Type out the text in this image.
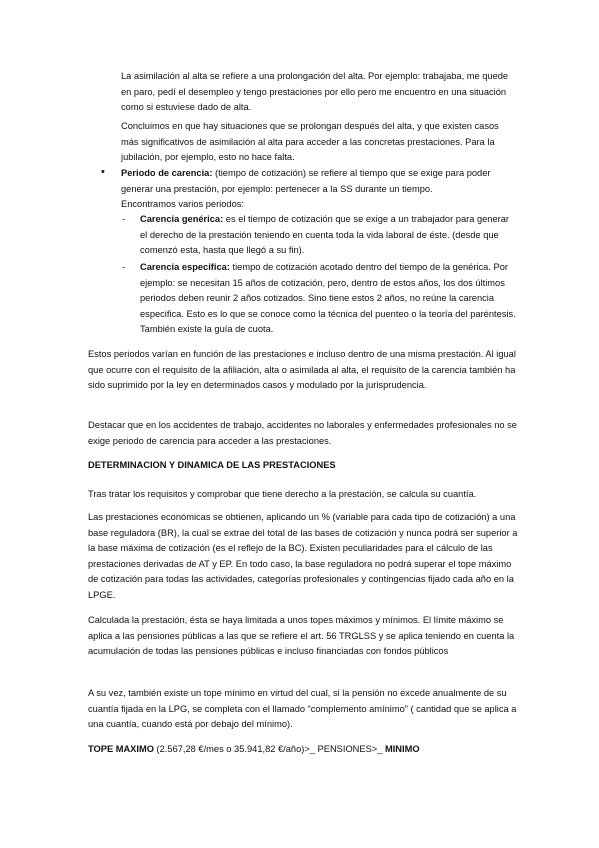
La asimilación al alta se refiere a una prolongación del alta. Por ejemplo: trabajaba, me quede en paro, pedí el desempleo y tengo prestaciones por ello pero me encuentro en una situación como si estuviese dado de alta.

Concluimos en que hay situaciones que se prolongan después del alta, y que existen casos más significativos de asimilación al alta para acceder a las concretas prestaciones. Para la jubilación, por ejemplo, esto no hace falta.

• Periodo de carencia: (tiempo de cotización) se refiere al tiempo que se exige para poder generar una prestación, por ejemplo: pertenecer a la SS durante un tiempo.

Encontramos varios periodos:

- Carencia genérica: es el tiempo de cotización que se exige a un trabajador para generar el derecho de la prestación teniendo en cuenta toda la vida laboral de éste. (desde que comenzó esta, hasta que llegó a su fin).

- Carencia especifica: tiempo de cotización acotado dentro del tiempo de la genérica. Por ejemplo: se necesitan 15 años de cotización, pero, dentro de estos años, los dos últimos periodos deben reunir 2 años cotizados. Sino tiene estos 2 años, no reúne la carencia especifica. Esto es lo que se conoce como la técnica del puenteo o la teoría del paréntesis. También existe la guía de cuota.

Estos periodos varían en función de las prestaciones e incluso dentro de una misma prestación. Al igual que ocurre con el requisito de la afiliación, alta o asimilada al alta, el requisito de la carencia también ha sido suprimido por la ley en determinados casos y modulado por la jurisprudencia.

Destacar que en los accidentes de trabajo, accidentes no laborales y enfermedades profesionales no se exige periodo de carencia para acceder a las prestaciones.

DETERMINACION Y DINAMICA DE LAS PRESTACIONES

Tras tratar los requisitos y comprobar que tiene derecho a la prestación, se calcula su cuantía.

Las prestaciones económicas se obtienen, aplicando un % (variable para cada tipo de cotización) a una base reguladora (BR), la cual se extrae del total de las bases de cotización y nunca podrá ser superior a la base máxima de cotización (es el reflejo de la BC). Existen peculiaridades para el cálculo de las prestaciones derivadas de AT y EP. En todo caso, la base reguladora no podrá superar el tope máximo de cotización para todas las actividades, categorías profesionales y contingencias fijado cada año en la LPGE.

Calculada la prestación, ésta se haya limitada a unos topes máximos y mínimos. El límite máximo se aplica a las pensiones públicas a las que se refiere el art. 56 TRGLSS y se aplica teniendo en cuenta la acumulación de todas las pensiones públicas e incluso financiadas con fondos públicos

A su vez, también existe un tope mínimo en virtud del cual, si la pensión no excede anualmente de su cuantía fijada en la LPG, se completa con el llamado “complemento amínimo” ( cantidad que se aplica a una cuantía, cuando está por debajo del mínimo).

TOPE MAXIMO (2.567,28 €/mes o 35.941,82 €/año)>_ PENSIONES>_ MINIMO
